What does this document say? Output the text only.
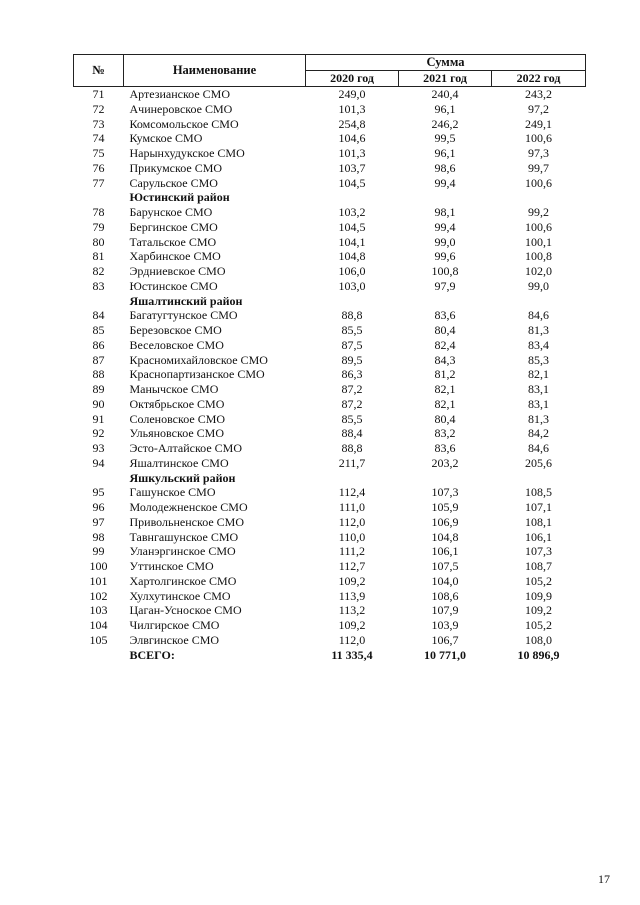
№	Наименование	Сумма		
		2020 год	2021 год	2022 год
71	Артезианское СМО	249,0	240,4	243,2
72	Ачинеровское СМО	101,3	96,1	97,2
73	Комсомольское СМО	254,8	246,2	249,1
74	Кумское СМО	104,6	99,5	100,6
75	Нарынхудукское СМО	101,3	96,1	97,3
76	Прикумское СМО	103,7	98,6	99,7
77	Сарульское СМО	104,5	99,4	100,6
	Юстинский район			
78	Барунское СМО	103,2	98,1	99,2
79	Бергинское СМО	104,5	99,4	100,6
80	Татальское СМО	104,1	99,0	100,1
81	Харбинское СМО	104,8	99,6	100,8
82	Эрдниевское СМО	106,0	100,8	102,0
83	Юстинское СМО	103,0	97,9	99,0
	Яшалтинский район			
84	Багатугтунское СМО	88,8	83,6	84,6
85	Березовское СМО	85,5	80,4	81,3
86	Веселовское СМО	87,5	82,4	83,4
87	Красномихайловское СМО	89,5	84,3	85,3
88	Краснопартизанское СМО	86,3	81,2	82,1
89	Манычское СМО	87,2	82,1	83,1
90	Октябрьское СМО	87,2	82,1	83,1
91	Соленовское СМО	85,5	80,4	81,3
92	Ульяновское СМО	88,4	83,2	84,2
93	Эсто-Алтайское СМО	88,8	83,6	84,6
94	Яшалтинское СМО	211,7	203,2	205,6
	Яшкульский район			
95	Гашунское СМО	112,4	107,3	108,5
96	Молодежненское СМО	111,0	105,9	107,1
97	Привольненское СМО	112,0	106,9	108,1
98	Тавнгашунское СМО	110,0	104,8	106,1
99	Уланэргинское СМО	111,2	106,1	107,3
100	Уттинское СМО	112,7	107,5	108,7
101	Хартолгинское СМО	109,2	104,0	105,2
102	Хулхутинское СМО	113,9	108,6	109,9
103	Цаган-Усноское СМО	113,2	107,9	109,2
104	Чилгирское СМО	109,2	103,9	105,2
105	Элвгинское СМО	112,0	106,7	108,0
	ВСЕГО:	11 335,4	10 771,0	10 896,9
17
